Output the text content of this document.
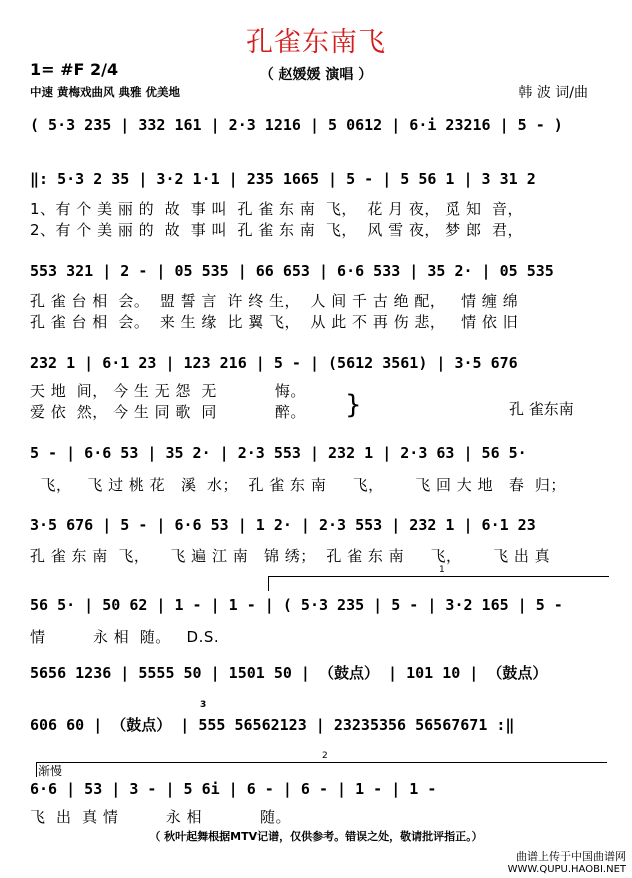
孔雀东南飞
（ 赵媛媛 演唱 ）
1= #F 2/4
中速 黄梅戏曲风 典雅 优美地	韩 波 词/曲
( 5·3 235 | 332 161 | 2·3 1216 | 5 0612 | 6·i 23216 | 5 - )
‖: 5·3 2 35 | 3·2 1·1 | 235 1665 | 5 - | 5 56 1 | 3 31 2
1、有 个 美 丽 的  故  事 叫  孔 雀 东 南  飞，  花 月 夜， 觅 知  音，
2、有 个 美 丽 的  故  事 叫  孔 雀 东 南  飞，  风 雪 夜， 梦 郎  君，
553 321 | 2 - | 05 535 | 66 653 | 6·6 533 | 35 2· | 05 535
孔 雀 台 相  会。  盟 誓 言  许 终 生，  人 间 千 古 绝 配，   情 缠 绵
孔 雀 台 相  会。  来 生 缘  比 翼 飞，  从 此 不 再 伤 悲，   情 依 旧
232 1 | 6·1 23 | 123 216 | 5 - | (5612 3561) | 3·5 676
天 地  间， 今 生 无 怨  无           悔。
爱 依  然， 今 生 同 歌  同           醉。	}	孔 雀东南
5 - | 6·6 53 | 35 2· | 2·3 553 | 232 1 | 2·3 63 | 56 5·
飞，   飞 过 桃 花   溪  水；  孔 雀 东 南     飞，      飞 回 大 地   春  归；
3·5 676 | 5 - | 6·6 53 | 1 2· | 2·3 553 | 232 1 | 6·1 23
孔 雀 东 南  飞，    飞 遍 江 南   锦 绣；  孔 雀 东 南     飞，      飞 出 真
1
56 5· | 50 62 | 1 - | 1 - | ( 5·3 235 | 5 - | 3·2 165 | 5 -
情         永 相  随。   D.S.
5656 1236 | 5555 50 | 1501 50 | （鼓点） | 101 10 | （鼓点）
606 60 | （鼓点） | 555 56562123 | 23235356 56567671 :‖
3
2
渐慢
6·6 | 53 | 3 - | 5 6i | 6 - | 6 - | 1 - | 1 -
飞  出  真 情         永 相           随。
（ 秋叶起舞根据MTV记谱，仅供参考。错误之处，敬请批评指正。）
曲谱上传于中国曲谱网
WWW.QUPU.HAOBI.NET
